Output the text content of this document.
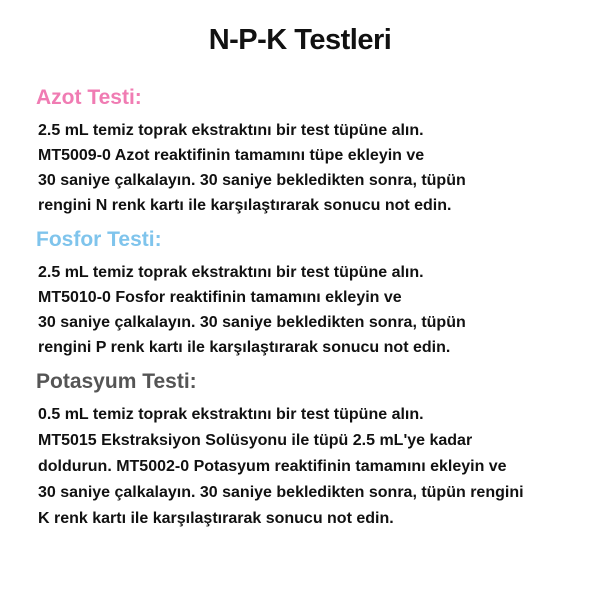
N-P-K Testleri
Azot Testi:
2.5 mL temiz toprak ekstraktını bir test tüpüne alın.
MT5009-0 Azot reaktifinin tamamını tüpe ekleyin ve
30 saniye çalkalayın. 30 saniye bekledikten sonra, tüpün
rengini N renk kartı ile karşılaştırarak sonucu not edin.
Fosfor Testi:
2.5 mL temiz toprak ekstraktını bir test tüpüne alın.
MT5010-0 Fosfor reaktifinin tamamını ekleyin ve
30 saniye çalkalayın. 30 saniye bekledikten sonra, tüpün
rengini P renk kartı ile karşılaştırarak sonucu not edin.
Potasyum Testi:
0.5 mL temiz toprak ekstraktını bir test tüpüne alın.
MT5015 Ekstraksiyon Solüsyonu ile tüpü 2.5 mL'ye kadar
doldurun. MT5002-0 Potasyum reaktifinin tamamını ekleyin ve
30 saniye çalkalayın. 30 saniye bekledikten sonra, tüpün rengini
K renk kartı ile karşılaştırarak sonucu not edin.
